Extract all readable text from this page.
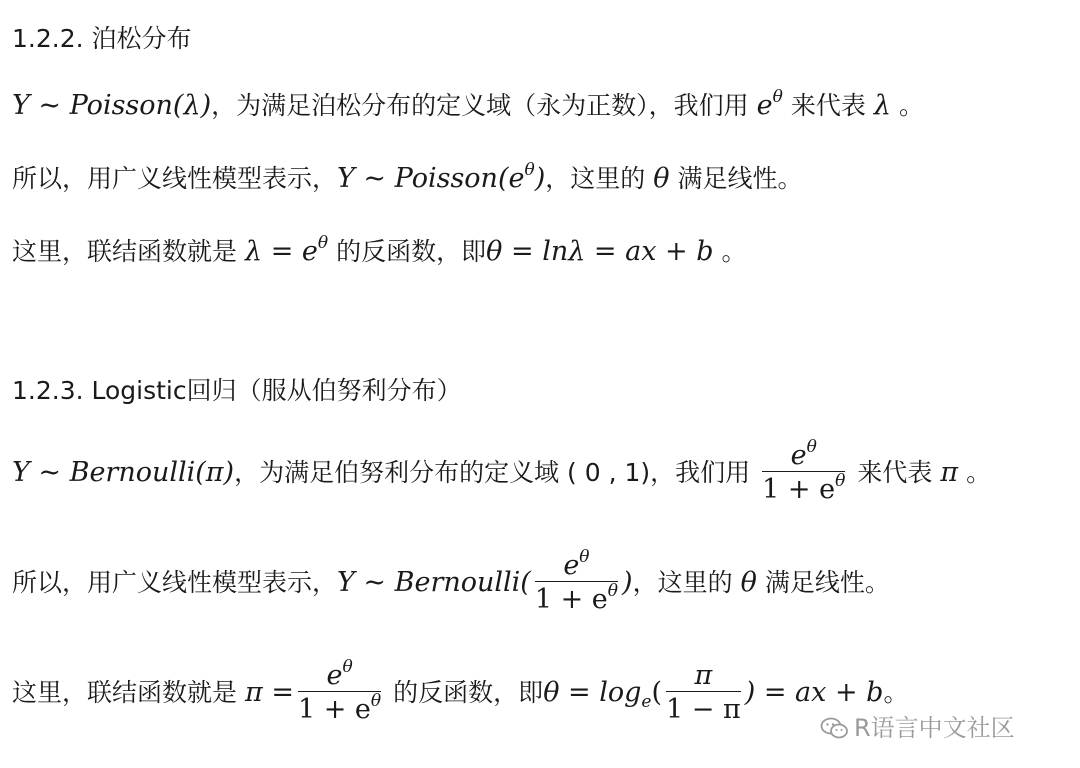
1.2.2. 泊松分布
Y ~ Poisson(λ)，为满足泊松分布的定义域（永为正数），我们用 $e^\theta$ 来代表 λ 。
所以，用广义线性模型表示，Y ~ $Poisson(e^\theta)$，这里的 θ 满足线性。
这里，联结函数就是 $\lambda = e^\theta$ 的反函数，即θ = lnλ = ax + b 。
1.2.3. Logistic回归（服从伯努利分布）
Y ~ Bernoulli(π)，为满足伯努利分布的定义域 ( 0 , 1)，我们用 $\frac{e^\theta}{1 + e^\theta}$ 来代表 π 。
所以，用广义线性模型表示，Y ~ Bernoulli( $\frac{e^\theta}{1 + e^\theta}$ )，这里的 θ 满足线性。
这里，联结函数就是 $\pi = \frac{e^\theta}{1 + e^\theta}$ 的反函数，即$\theta = \log_e( \frac{\pi}{1 - \pi}$ ) = ax + b。
R语言中文社区
